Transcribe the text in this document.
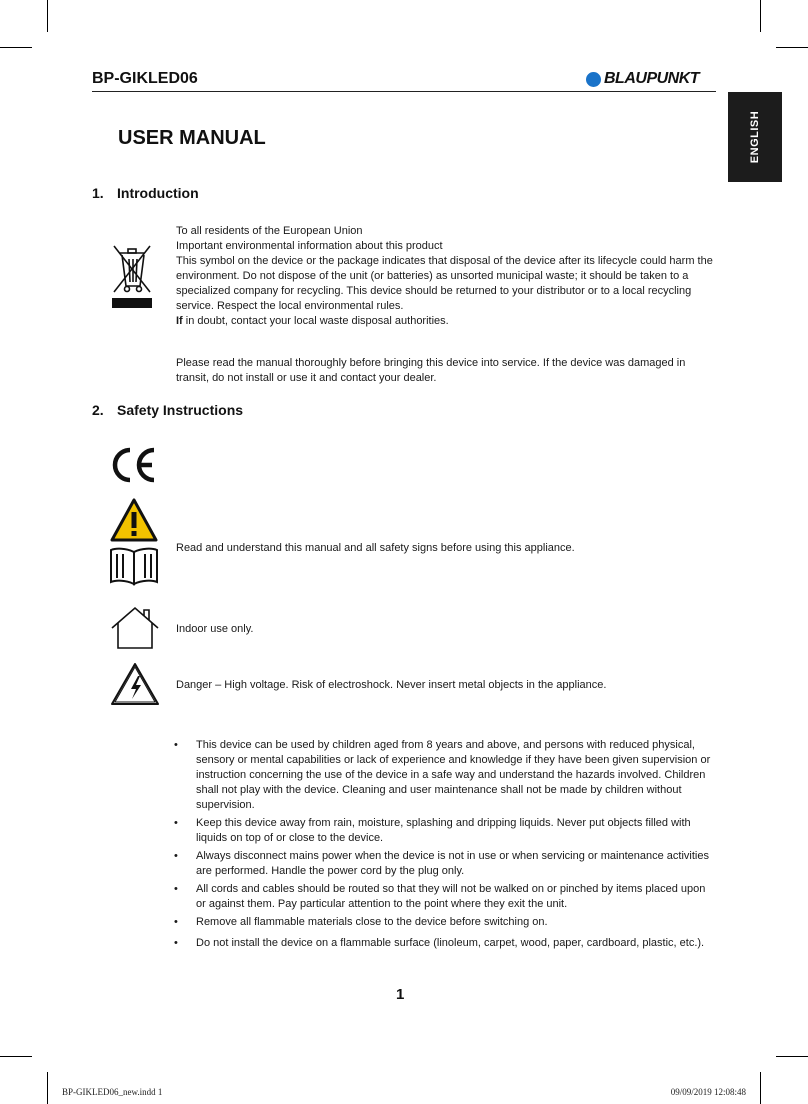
BP-GIKLED06	BLAUPUNKT
ENGLISH
USER MANUAL
1. Introduction

To all residents of the European Union

Important environmental information about this product

This symbol on the device or the package indicates that disposal of the device after its lifecycle could harm the environment. Do not dispose of the unit (or batteries) as unsorted municipal waste; it should be taken to a specialized company for recycling. This device should be returned to your distributor or to a local recycling service. Respect the local environmental rules.

If in doubt, contact your local waste disposal authorities.

Please read the manual thoroughly before bringing this device into service. If the device was damaged in transit, do not install or use it and contact your dealer.
2. Safety Instructions
Read and understand this manual and all safety signs before using this appliance.
Indoor use only.
Danger – High voltage. Risk of electroshock. Never insert metal objects in the appliance.
• This device can be used by children aged from 8 years and above, and persons with reduced physical, sensory or mental capabilities or lack of experience and knowledge if they have been given supervision or instruction concerning the use of the device in a safe way and understand the hazards involved. Children shall not play with the device. Cleaning and user maintenance shall not be made by children without supervision.
• Keep this device away from rain, moisture, splashing and dripping liquids. Never put objects filled with liquids on top of or close to the device.
• Always disconnect mains power when the device is not in use or when servicing or maintenance activities are performed. Handle the power cord by the plug only.
• All cords and cables should be routed so that they will not be walked on or pinched by items placed upon or against them. Pay particular attention to the point where they exit the unit.
• Remove all flammable materials close to the device before switching on.
• Do not install the device on a flammable surface (linoleum, carpet, wood, paper, cardboard, plastic, etc.).
1
BP-GIKLED06_new.indd 1	09/09/2019 12:08:48
